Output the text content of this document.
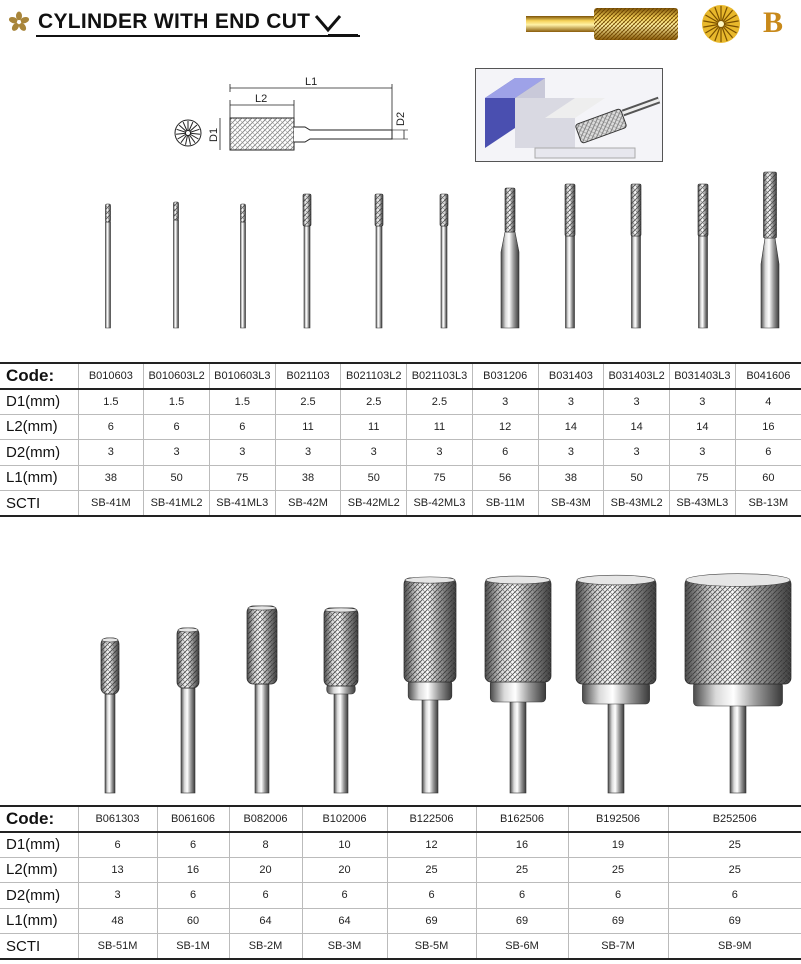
CYLINDER WITH END CUT	B
L1
L2
D1
D2
Code:	B010603	B010603L2	B010603L3	B021103	B021103L2	B021103L3	B031206	B031403	B031403L2	B031403L3	B041606
D1(mm)	1.5	1.5	1.5	2.5	2.5	2.5	3	3	3	3	4
L2(mm)	6	6	6	11	11	11	12	14	14	14	16
D2(mm)	3	3	3	3	3	3	6	3	3	3	6
L1(mm)	38	50	75	38	50	75	56	38	50	75	60
SCTI	SB-41M	SB-41ML2	SB-41ML3	SB-42M	SB-42ML2	SB-42ML3	SB-11M	SB-43M	SB-43ML2	SB-43ML3	SB-13M
Code:	B061303	B061606	B082006	B102006	B122506	B162506	B192506	B252506
D1(mm)	6	6	8	10	12	16	19	25
L2(mm)	13	16	20	20	25	25	25	25
D2(mm)	3	6	6	6	6	6	6	6
L1(mm)	48	60	64	64	69	69	69	69
SCTI	SB-51M	SB-1M	SB-2M	SB-3M	SB-5M	SB-6M	SB-7M	SB-9M
